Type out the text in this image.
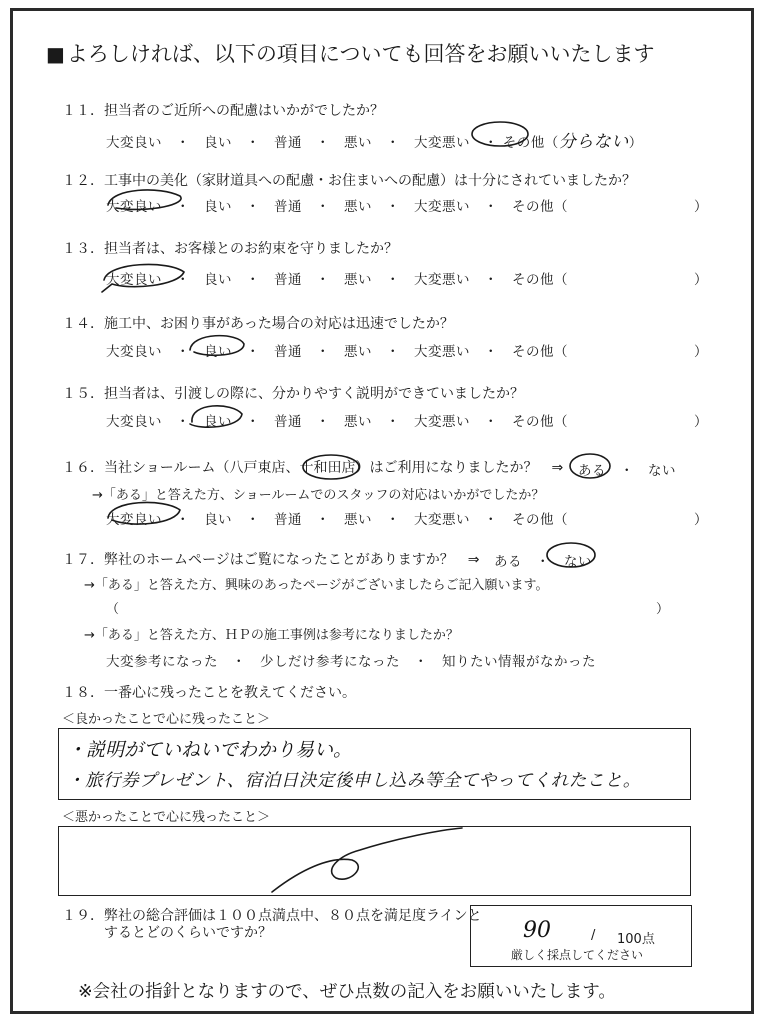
■よろしければ、以下の項目についても回答をお願いいたします
１１．担当者のご近所への配慮はいかがでしたか？
大変良い　・　良い　・　普通　・　悪い　・　大変悪い　・ その他（分らない）
１２．工事中の美化（家財道具への配慮・お住まいへの配慮）は十分にされていましたか？
大変良い　・　良い　・　普通　・　悪い　・　大変悪い　・　その他（　　　　　　　　　）
１３．担当者は、お客様とのお約束を守りましたか？
大変良い　・　良い　・　普通　・　悪い　・　大変悪い　・　その他（　　　　　　　　　）
１４．施工中、お困り事があった場合の対応は迅速でしたか？
大変良い　・　良い　・　普通　・　悪い　・　大変悪い　・　その他（　　　　　　　　　）
１５．担当者は、引渡しの際に、分かりやすく説明ができていましたか？
大変良い　・　良い　・　普通　・　悪い　・　大変悪い　・　その他（　　　　　　　　　）
１６．当社ショールーム（八戸東店、十和田店）はご利用になりましたか？　⇒ ある　・　ない
→「ある」と答えた方、ショールームでのスタッフの対応はいかがでしたか？
大変良い　・　良い　・　普通　・　悪い　・　大変悪い　・　その他（　　　　　　　　　）
１７．弊社のホームページはご覧になったことがありますか？　⇒ ある　・　ない
→「ある」と答えた方、興味のあったページがございましたらご記入願います。
（	）
→「ある」と答えた方、ＨＰの施工事例は参考になりましたか？
大変参考になった　・　少しだけ参考になった　・　知りたい情報がなかった
１８．一番心に残ったことを教えてください。
＜良かったことで心に残ったこと＞
・説明がていねいでわかり易い。
・旅行券プレゼント、宿泊日決定後申し込み等全てやってくれたこと。
＜悪かったことで心に残ったこと＞
１９．弊社の総合評価は１００点満点中、８０点を満足度ラインと
するとどのくらいですか？	90	/ 100点
厳しく採点してください
※会社の指針となりますので、ぜひ点数の記入をお願いいたします。
